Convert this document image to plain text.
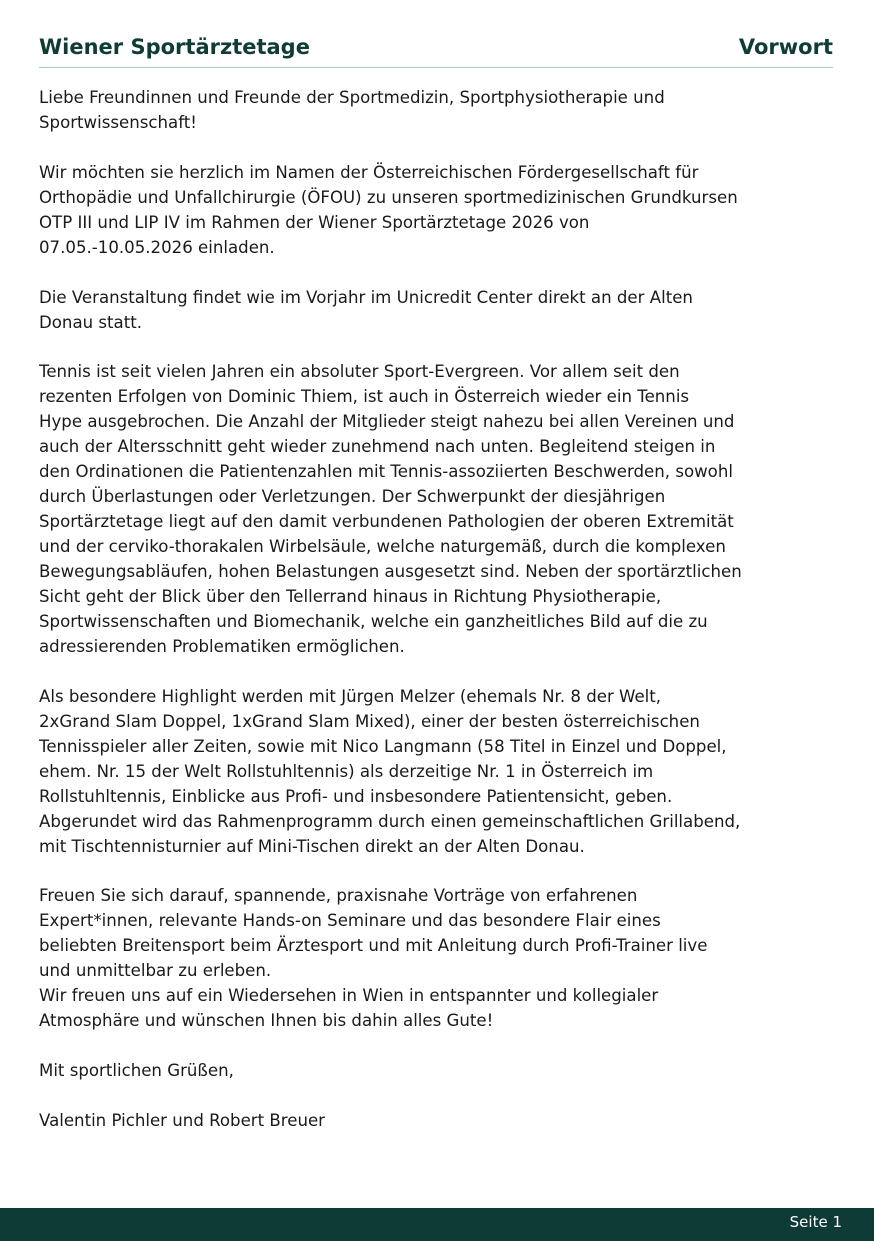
Wiener Sportärztetage	Vorwort

Liebe Freundinnen und Freunde der Sportmedizin, Sportphysiotherapie und
Sportwissenschaft!

Wir möchten sie herzlich im Namen der Österreichischen Fördergesellschaft für
Orthopädie und Unfallchirurgie (ÖFOU) zu unseren sportmedizinischen Grundkursen
OTP III und LIP IV im Rahmen der Wiener Sportärztetage 2026 von
07.05.-10.05.2026 einladen.

Die Veranstaltung findet wie im Vorjahr im Unicredit Center direkt an der Alten
Donau statt.

Tennis ist seit vielen Jahren ein absoluter Sport-Evergreen. Vor allem seit den
rezenten Erfolgen von Dominic Thiem, ist auch in Österreich wieder ein Tennis
Hype ausgebrochen. Die Anzahl der Mitglieder steigt nahezu bei allen Vereinen und
auch der Altersschnitt geht wieder zunehmend nach unten. Begleitend steigen in
den Ordinationen die Patientenzahlen mit Tennis-assoziierten Beschwerden, sowohl
durch Überlastungen oder Verletzungen. Der Schwerpunkt der diesjährigen
Sportärztetage liegt auf den damit verbundenen Pathologien der oberen Extremität
und der cerviko-thorakalen Wirbelsäule, welche naturgemäß, durch die komplexen
Bewegungsabläufen, hohen Belastungen ausgesetzt sind. Neben der sportärztlichen
Sicht geht der Blick über den Tellerrand hinaus in Richtung Physiotherapie,
Sportwissenschaften und Biomechanik, welche ein ganzheitliches Bild auf die zu
adressierenden Problematiken ermöglichen.

Als besondere Highlight werden mit Jürgen Melzer (ehemals Nr. 8 der Welt,
2xGrand Slam Doppel, 1xGrand Slam Mixed), einer der besten österreichischen
Tennisspieler aller Zeiten, sowie mit Nico Langmann (58 Titel in Einzel und Doppel,
ehem. Nr. 15 der Welt Rollstuhltennis) als derzeitige Nr. 1 in Österreich im
Rollstuhltennis, Einblicke aus Profi- und insbesondere Patientensicht, geben.
Abgerundet wird das Rahmenprogramm durch einen gemeinschaftlichen Grillabend,
mit Tischtennisturnier auf Mini-Tischen direkt an der Alten Donau.

Freuen Sie sich darauf, spannende, praxisnahe Vorträge von erfahrenen
Expert*innen, relevante Hands-on Seminare und das besondere Flair eines
beliebten Breitensport beim Ärztesport und mit Anleitung durch Profi-Trainer live
und unmittelbar zu erleben.
Wir freuen uns auf ein Wiedersehen in Wien in entspannter und kollegialer
Atmosphäre und wünschen Ihnen bis dahin alles Gute!

Mit sportlichen Grüßen,

Valentin Pichler und Robert Breuer

Seite 1
